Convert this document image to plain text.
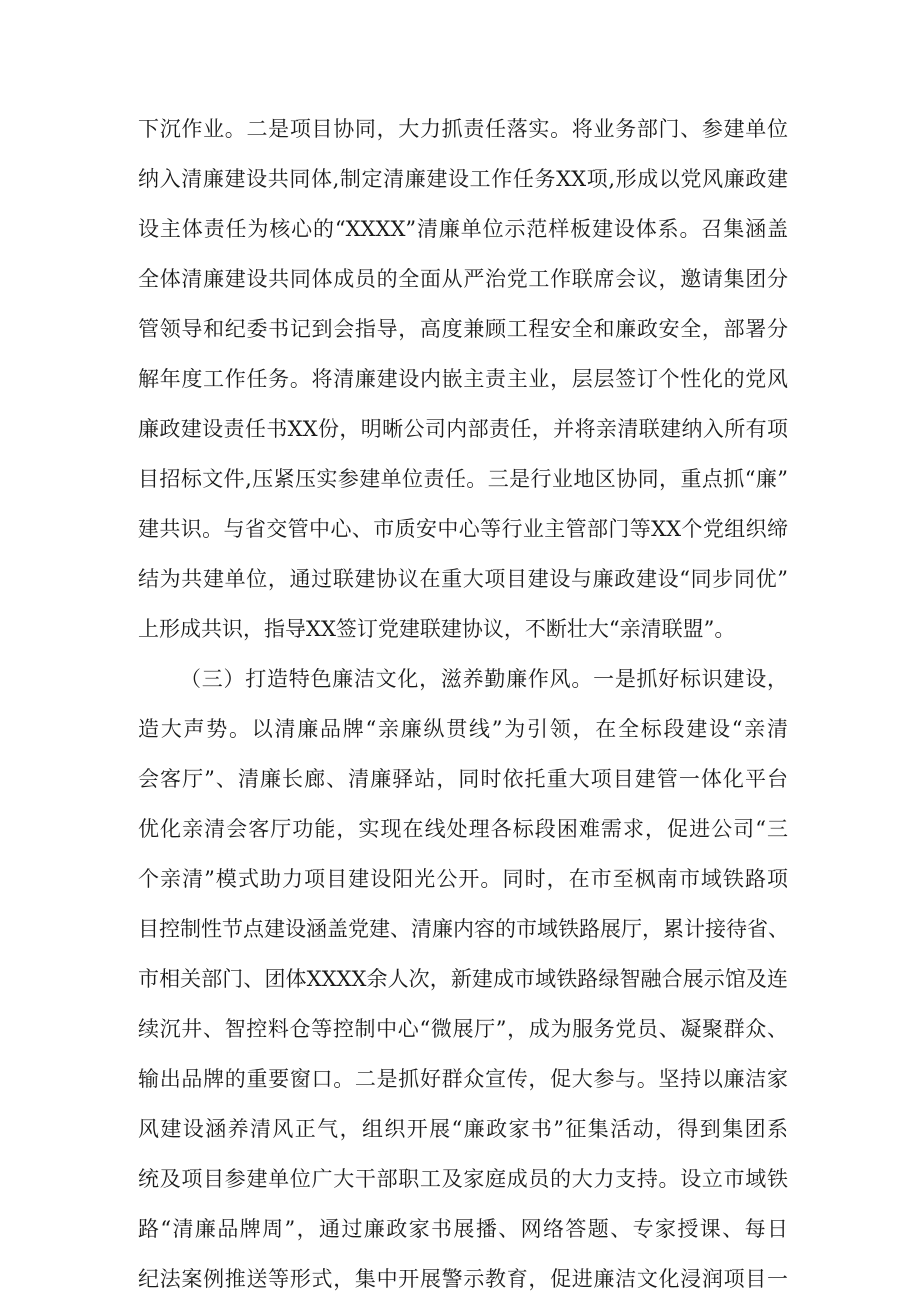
下沉作业。二是项目协同，大力抓责任落实。将业务部门、参建单位
纳入清廉建设共同体,制定清廉建设工作任务XX项,形成以党风廉政建
设主体责任为核心的“XXXX”清廉单位示范样板建设体系。召集涵盖
全体清廉建设共同体成员的全面从严治党工作联席会议，邀请集团分
管领导和纪委书记到会指导，高度兼顾工程安全和廉政安全，部署分
解年度工作任务。将清廉建设内嵌主责主业，层层签订个性化的党风
廉政建设责任书XX份，明晰公司内部责任，并将亲清联建纳入所有项
目招标文件,压紧压实参建单位责任。三是行业地区协同，重点抓“廉”
建共识。与省交管中心、市质安中心等行业主管部门等XX个党组织缔
结为共建单位，通过联建协议在重大项目建设与廉政建设“同步同优”
上形成共识，指导XX签订党建联建协议，不断壮大“亲清联盟”。
（三）打造特色廉洁文化，滋养勤廉作风。一是抓好标识建设，
造大声势。以清廉品牌“亲廉纵贯线”为引领，在全标段建设“亲清
会客厅”、清廉长廊、清廉驿站，同时依托重大项目建管一体化平台
优化亲清会客厅功能，实现在线处理各标段困难需求，促进公司“三
个亲清”模式助力项目建设阳光公开。同时，在市至枫南市域铁路项
目控制性节点建设涵盖党建、清廉内容的市域铁路展厅，累计接待省、
市相关部门、团体XXXX余人次，新建成市域铁路绿智融合展示馆及连
续沉井、智控料仓等控制中心“微展厅”，成为服务党员、凝聚群众、
输出品牌的重要窗口。二是抓好群众宣传，促大参与。坚持以廉洁家
风建设涵养清风正气，组织开展“廉政家书”征集活动，得到集团系
统及项目参建单位广大干部职工及家庭成员的大力支持。设立市域铁
路“清廉品牌周”，通过廉政家书展播、网络答题、专家授课、每日
纪法案例推送等形式，集中开展警示教育，促进廉洁文化浸润项目一
